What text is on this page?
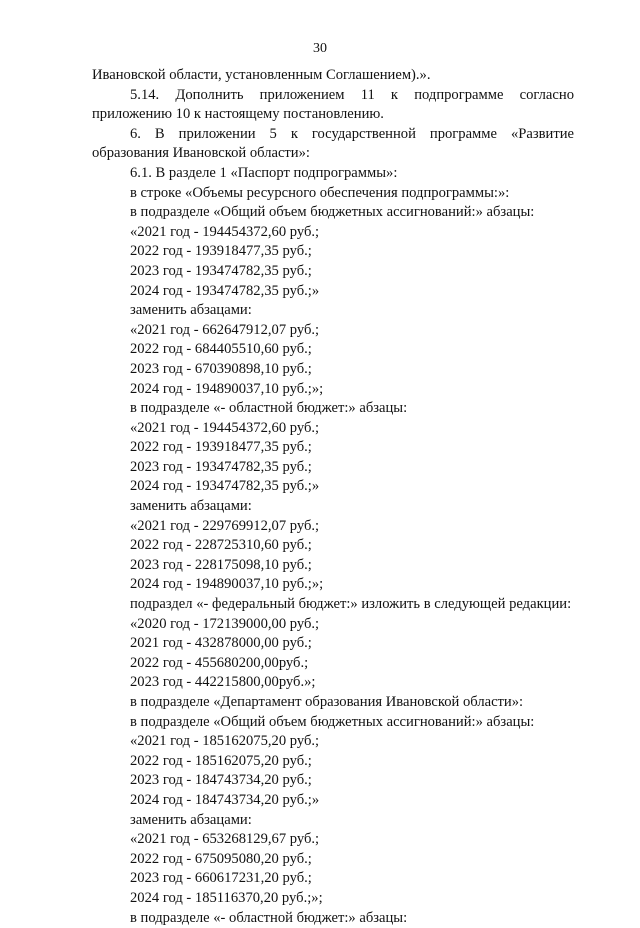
30

Ивановской области, установленным Соглашением).».

5.14. Дополнить приложением 11 к подпрограмме согласно приложению 10 к настоящему постановлению.

6. В приложении 5 к государственной программе «Развитие образования Ивановской области»:

6.1. В разделе 1 «Паспорт подпрограммы»:

в строке «Объемы ресурсного обеспечения подпрограммы:»:

в подразделе «Общий объем бюджетных ассигнований:» абзацы:

«2021 год - 194454372,60 руб.;

2022 год - 193918477,35 руб.;

2023 год - 193474782,35 руб.;

2024 год - 193474782,35 руб.;»

заменить абзацами:

«2021 год - 662647912,07 руб.;

2022 год - 684405510,60 руб.;

2023 год - 670390898,10 руб.;

2024 год - 194890037,10 руб.;»;

в подразделе «- областной бюджет:» абзацы:

«2021 год - 194454372,60 руб.;

2022 год - 193918477,35 руб.;

2023 год - 193474782,35 руб.;

2024 год - 193474782,35 руб.;»

заменить абзацами:

«2021 год - 229769912,07 руб.;

2022 год - 228725310,60 руб.;

2023 год - 228175098,10 руб.;

2024 год - 194890037,10 руб.;»;

подраздел «- федеральный бюджет:» изложить в следующей редакции:

«2020 год - 172139000,00 руб.;

2021 год - 432878000,00 руб.;

2022 год - 455680200,00руб.;

2023 год - 442215800,00руб.»;

в подразделе «Департамент образования Ивановской области»:

в подразделе «Общий объем бюджетных ассигнований:» абзацы:

«2021 год - 185162075,20 руб.;

2022 год - 185162075,20 руб.;

2023 год - 184743734,20 руб.;

2024 год - 184743734,20 руб.;»

заменить абзацами:

«2021 год - 653268129,67 руб.;

2022 год - 675095080,20 руб.;

2023 год - 660617231,20 руб.;

2024 год - 185116370,20 руб.;»;

в подразделе «- областной бюджет:» абзацы:
